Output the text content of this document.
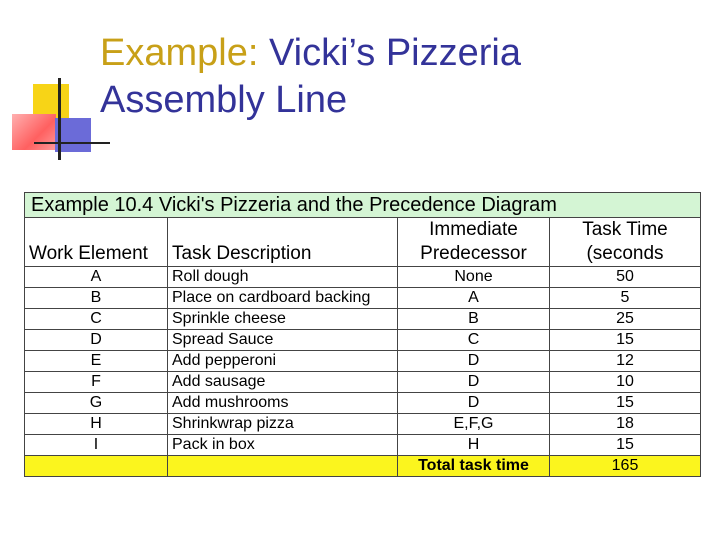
Example: Vicki’s Pizzeria
Assembly Line
Example 10.4 Vicki's Pizzeria and the Precedence Diagram			
		Immediate	Task Time
Work Element	Task Description	Predecessor	(seconds
A	Roll dough	None	50
B	Place on cardboard backing	A	5
C	Sprinkle cheese	B	25
D	Spread Sauce	C	15
E	Add pepperoni	D	12
F	Add sausage	D	10
G	Add mushrooms	D	15
H	Shrinkwrap pizza	E,F,G	18
I	Pack in box	H	15
		Total task time	165
